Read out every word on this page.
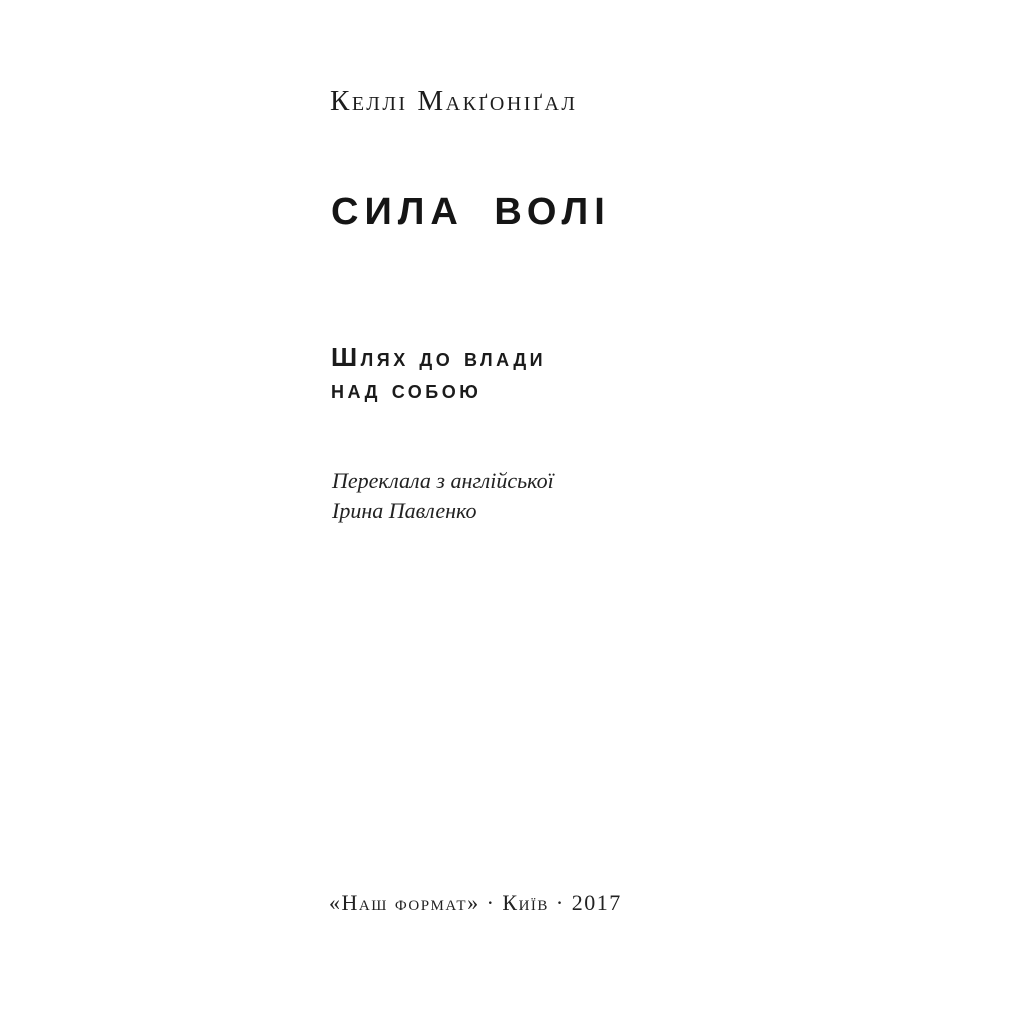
Келлі Макґоніґал
СИЛА ВОЛІ
Шлях до влади
над собою
Переклала з англійської
Ірина Павленко
«Наш формат» · Київ · 2017
